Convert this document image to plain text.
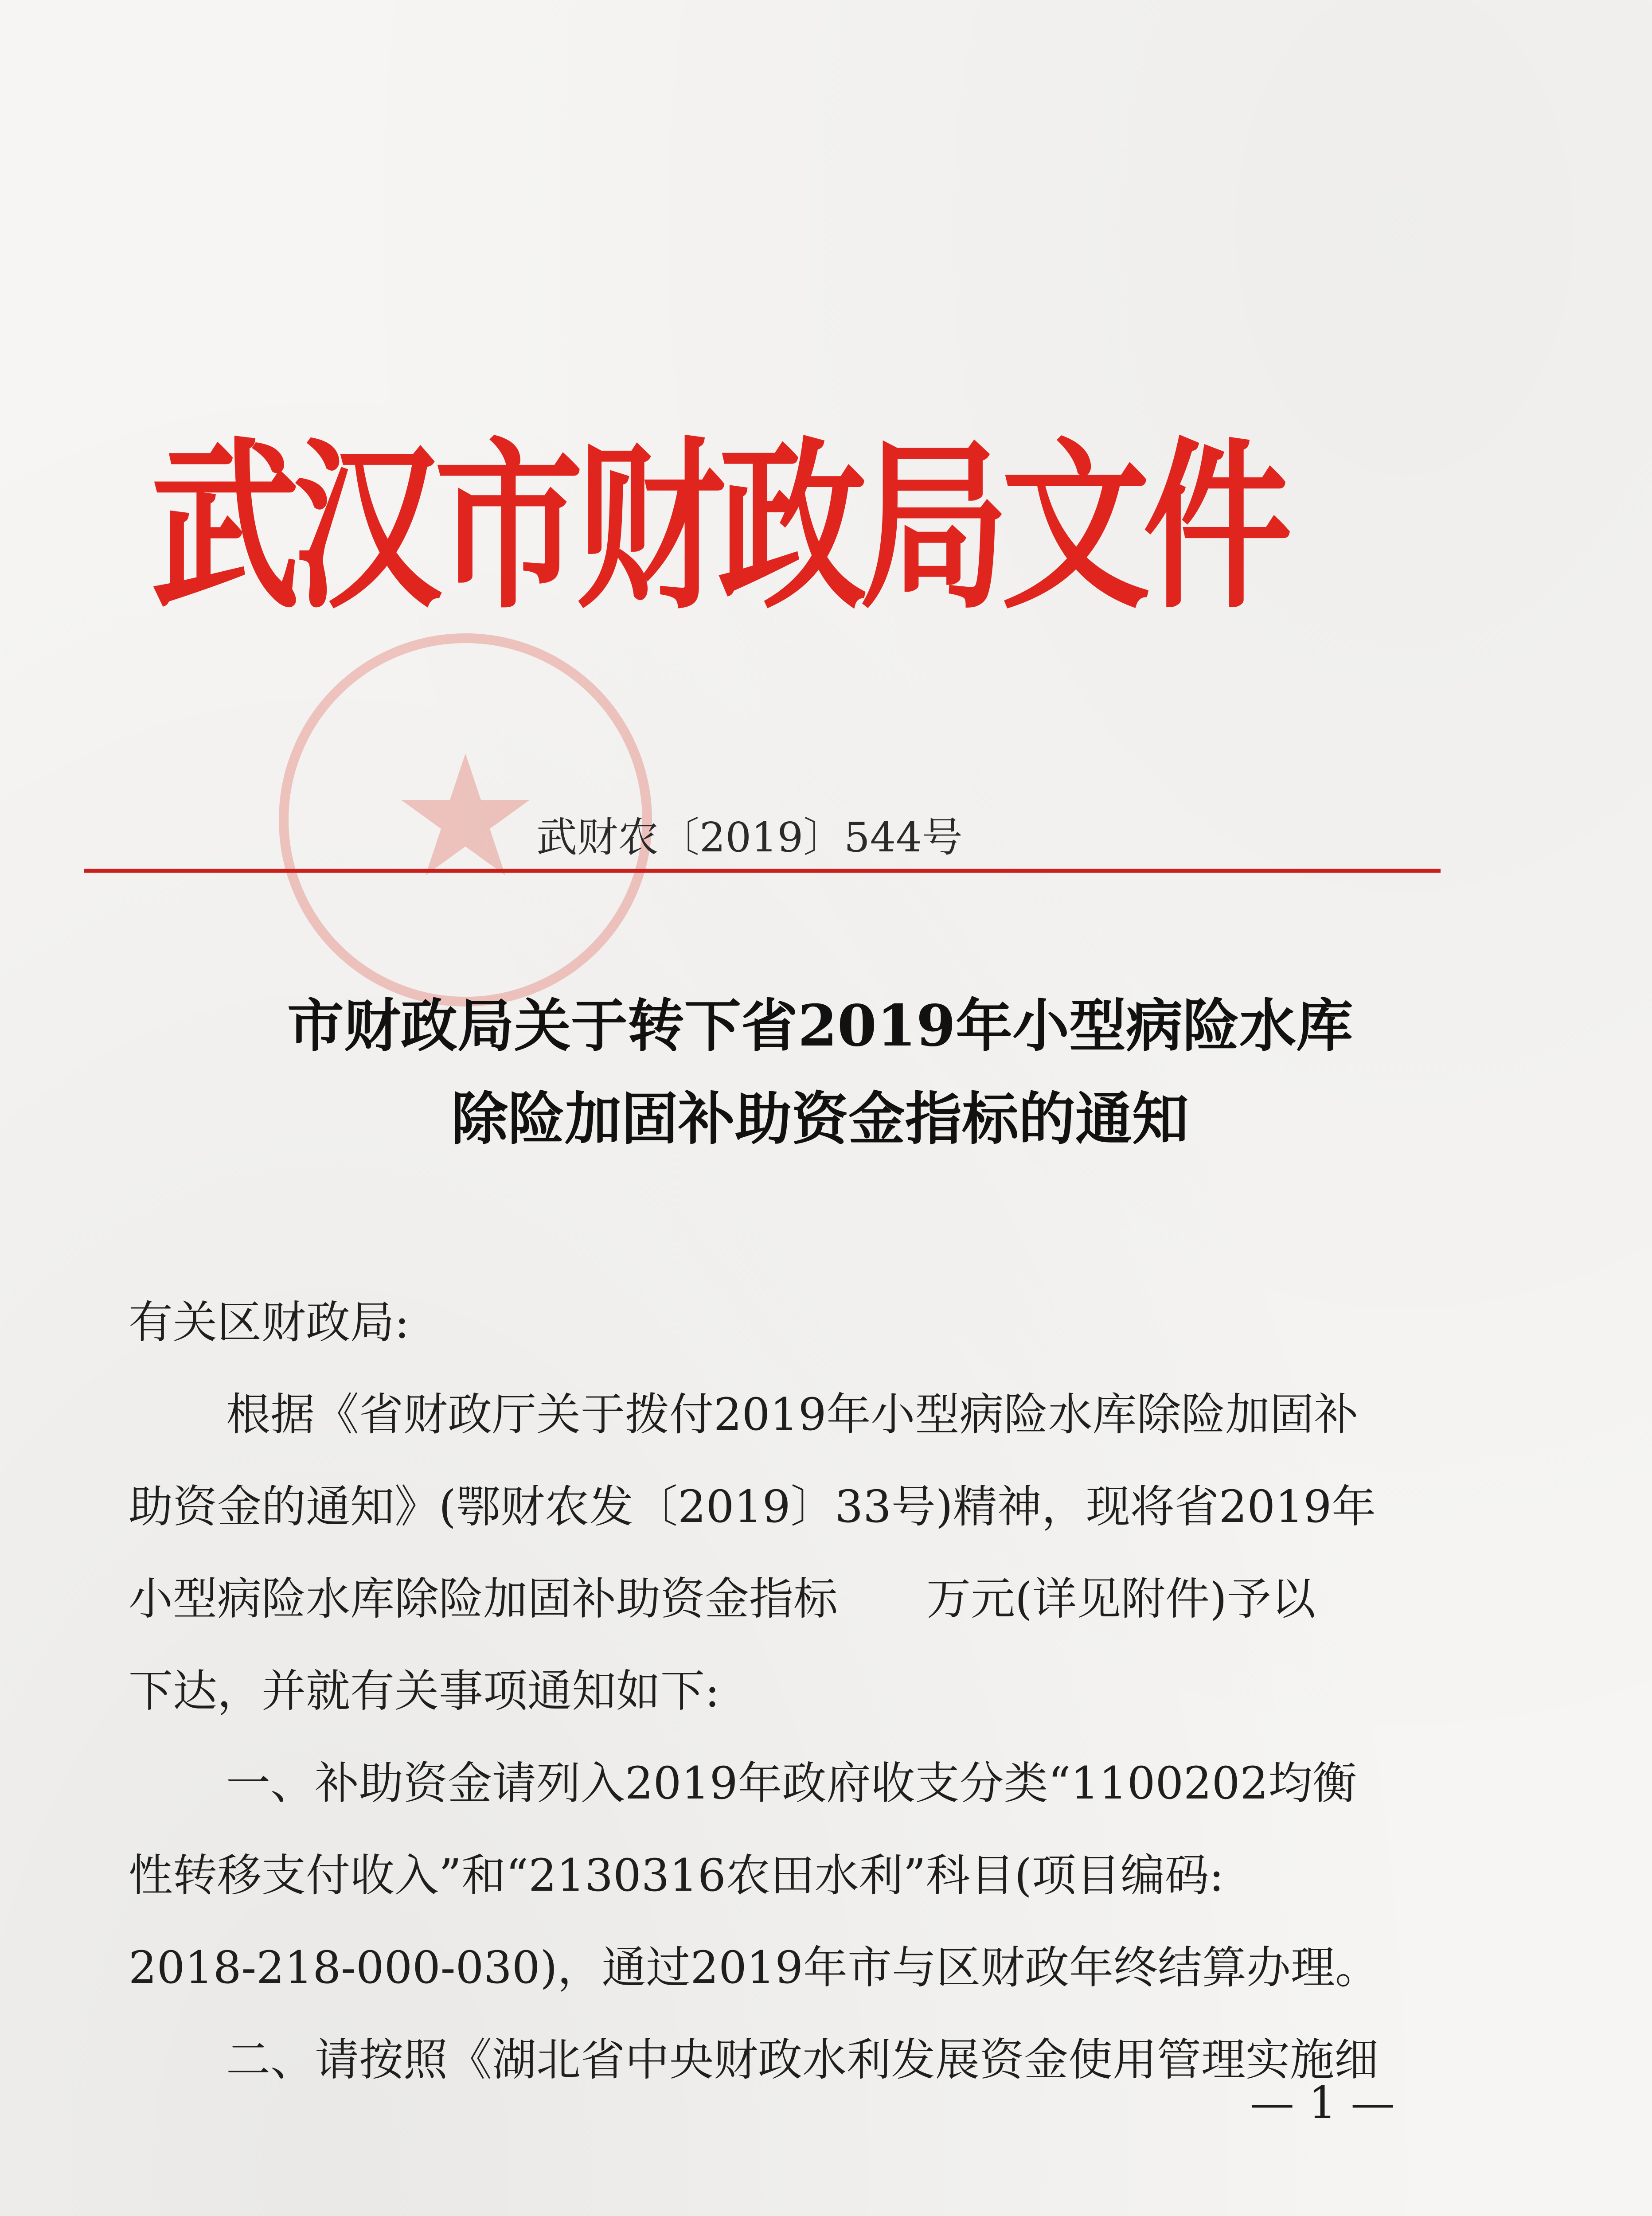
武汉市财政局文件
武财农〔2019〕544号
市财政局关于转下省2019年小型病险水库
除险加固补助资金指标的通知
有关区财政局:
根据《省财政厅关于拨付2019年小型病险水库除险加固补
助资金的通知》(鄂财农发〔2019〕33号)精神，现将省2019年
小型病险水库除险加固补助资金指标　　万元(详见附件)予以
下达，并就有关事项通知如下:
一、补助资金请列入2019年政府收支分类“1100202均衡
性转移支付收入”和“2130316农田水利”科目(项目编码:
2018-218-000-030)，通过2019年市与区财政年终结算办理。
二、请按照《湖北省中央财政水利发展资金使用管理实施细
— 1 —
